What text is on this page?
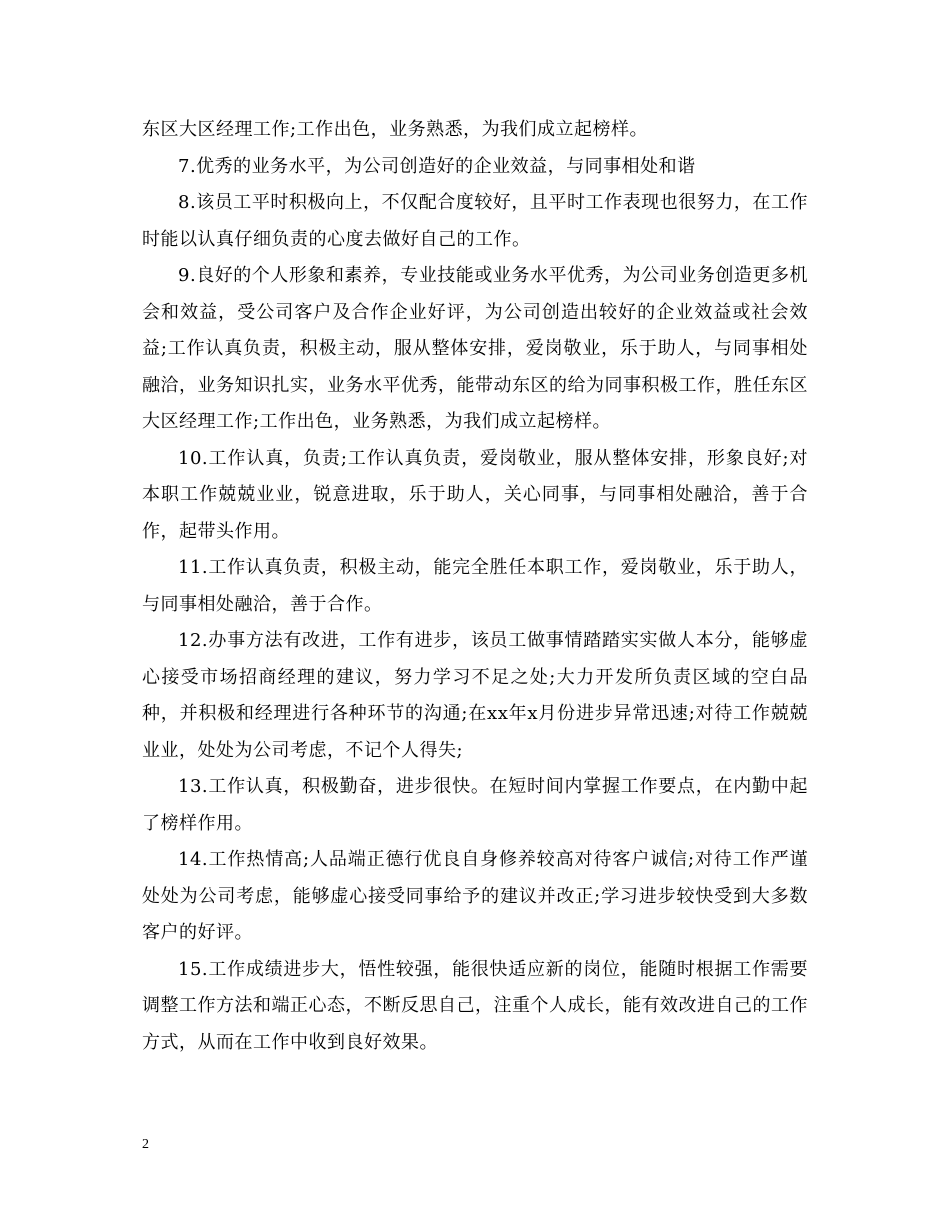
东区大区经理工作;工作出色，业务熟悉，为我们成立起榜样。

7.优秀的业务水平，为公司创造好的企业效益，与同事相处和谐

8.该员工平时积极向上，不仅配合度较好，且平时工作表现也很努力，在工作时能以认真仔细负责的心度去做好自己的工作。

9.良好的个人形象和素养，专业技能或业务水平优秀，为公司业务创造更多机会和效益，受公司客户及合作企业好评，为公司创造出较好的企业效益或社会效益;工作认真负责，积极主动，服从整体安排，爱岗敬业，乐于助人，与同事相处融洽，业务知识扎实，业务水平优秀，能带动东区的给为同事积极工作，胜任东区大区经理工作;工作出色，业务熟悉，为我们成立起榜样。

10.工作认真，负责;工作认真负责，爱岗敬业，服从整体安排，形象良好;对本职工作兢兢业业，锐意进取，乐于助人，关心同事，与同事相处融洽，善于合作，起带头作用。

11.工作认真负责，积极主动，能完全胜任本职工作，爱岗敬业，乐于助人，与同事相处融洽，善于合作。

12.办事方法有改进，工作有进步，该员工做事情踏踏实实做人本分，能够虚心接受市场招商经理的建议，努力学习不足之处;大力开发所负责区域的空白品种，并积极和经理进行各种环节的沟通;在xx年x月份进步异常迅速;对待工作兢兢业业，处处为公司考虑，不记个人得失;

13.工作认真，积极勤奋，进步很快。在短时间内掌握工作要点，在内勤中起了榜样作用。

14.工作热情高;人品端正德行优良自身修养较高对待客户诚信;对待工作严谨处处为公司考虑，能够虚心接受同事给予的建议并改正;学习进步较快受到大多数客户的好评。

15.工作成绩进步大，悟性较强，能很快适应新的岗位，能随时根据工作需要调整工作方法和端正心态，不断反思自己，注重个人成长，能有效改进自己的工作方式，从而在工作中收到良好效果。

2
